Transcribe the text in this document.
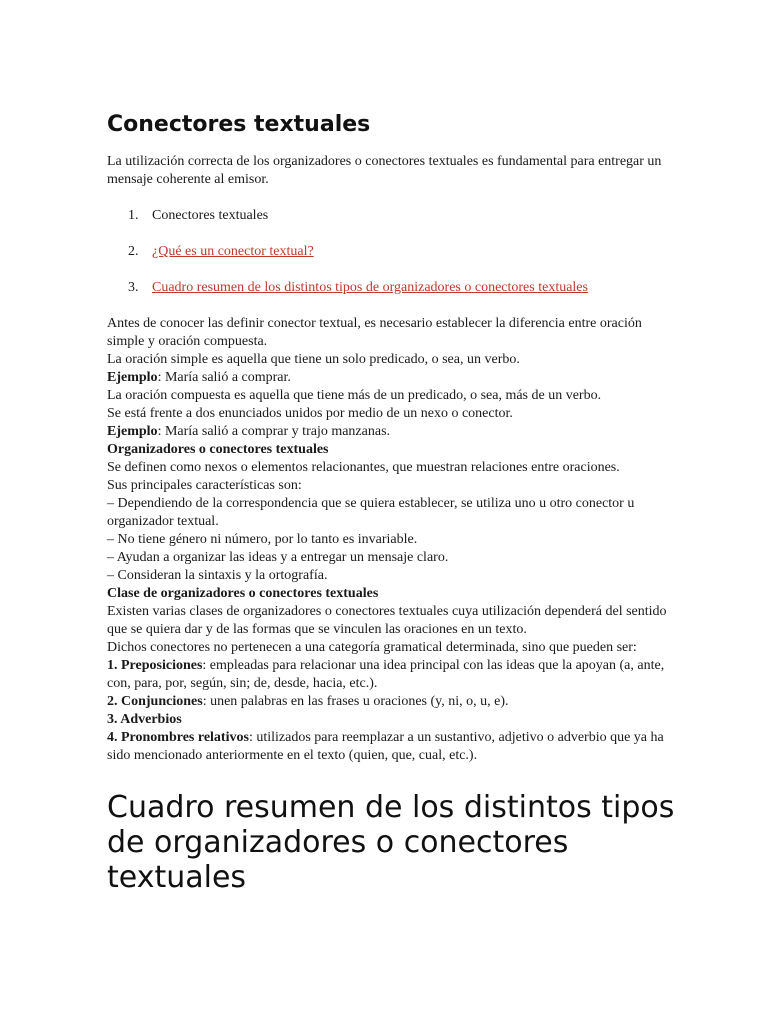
Conectores textuales

La utilización correcta de los organizadores o conectores textuales es fundamental para entregar un mensaje coherente al emisor.

1. Conectores textuales
2. ¿Qué es un conector textual?
3. Cuadro resumen de los distintos tipos de organizadores o conectores textuales

Antes de conocer las definir conector textual, es necesario establecer la diferencia entre oración simple y oración compuesta.

La oración simple es aquella que tiene un solo predicado, o sea, un verbo.

Ejemplo: María salió a comprar.

La oración compuesta es aquella que tiene más de un predicado, o sea, más de un verbo.

Se está frente a dos enunciados unidos por medio de un nexo o conector.

Ejemplo: María salió a comprar y trajo manzanas.

Organizadores o conectores textuales

Se definen como nexos o elementos relacionantes, que muestran relaciones entre oraciones.

Sus principales características son:

– Dependiendo de la correspondencia que se quiera establecer, se utiliza uno u otro conector u organizador textual.

– No tiene género ni número, por lo tanto es invariable.

– Ayudan a organizar las ideas y a entregar un mensaje claro.

– Consideran la sintaxis y la ortografía.

Clase de organizadores o conectores textuales

Existen varias clases de organizadores o conectores textuales cuya utilización dependerá del sentido que se quiera dar y de las formas que se vinculen las oraciones en un texto.

Dichos conectores no pertenecen a una categoría gramatical determinada, sino que pueden ser:

1. Preposiciones: empleadas para relacionar una idea principal con las ideas que la apoyan (a, ante, con, para, por, según, sin; de, desde, hacia, etc.).

2. Conjunciones: unen palabras en las frases u oraciones (y, ni, o, u, e).

3. Adverbios

4. Pronombres relativos: utilizados para reemplazar a un sustantivo, adjetivo o adverbio que ya ha sido mencionado anteriormente en el texto (quien, que, cual, etc.).

Cuadro resumen de los distintos tipos de organizadores o conectores textuales
